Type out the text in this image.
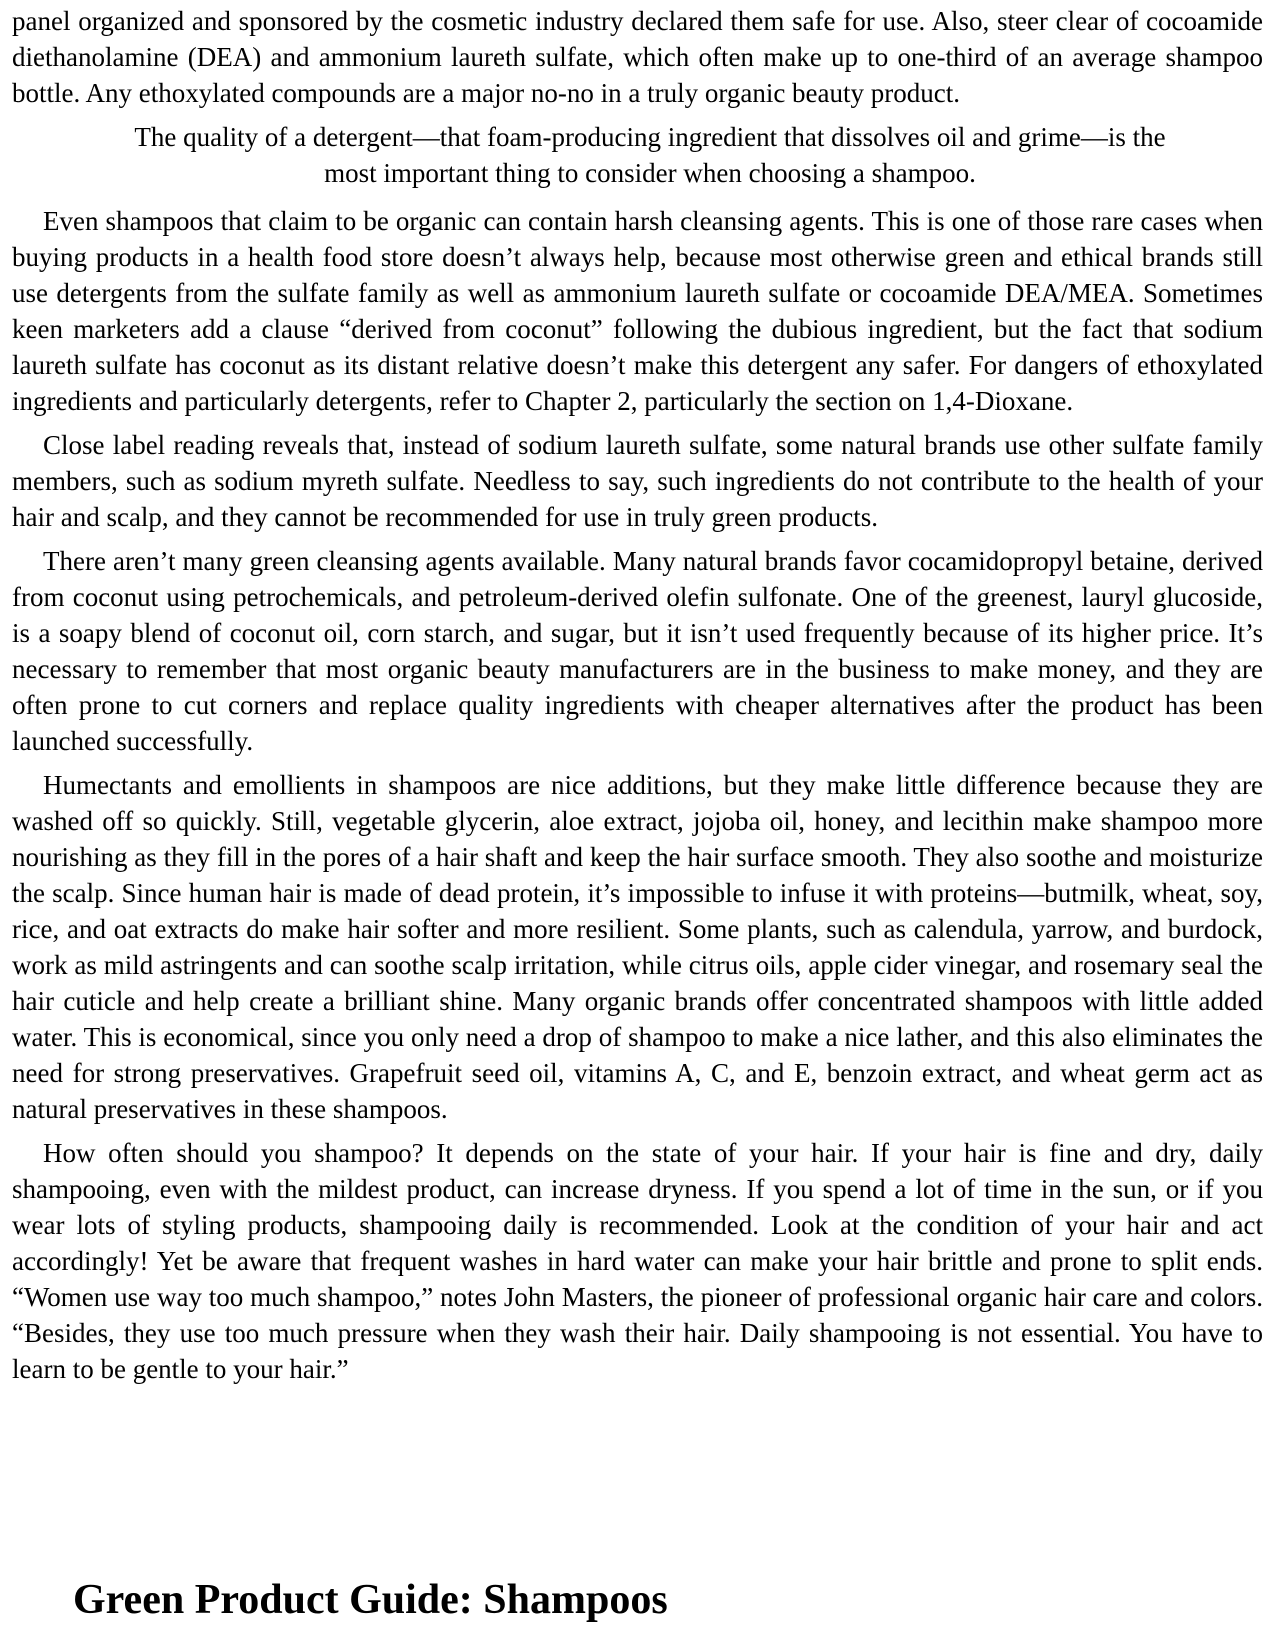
panel organized and sponsored by the cosmetic industry declared them safe for use. Also, steer clear of cocoamide diethanolamine (DEA) and ammonium laureth sulfate, which often make up to one-third of an average shampoo bottle. Any ethoxylated compounds are a major no-no in a truly organic beauty product.

The quality of a detergent—that foam-producing ingredient that dissolves oil and grime—is the most important thing to consider when choosing a shampoo.

Even shampoos that claim to be organic can contain harsh cleansing agents. This is one of those rare cases when buying products in a health food store doesn’t always help, because most otherwise green and ethical brands still use detergents from the sulfate family as well as ammonium laureth sulfate or cocoamide DEA/MEA. Sometimes keen marketers add a clause “derived from coconut” following the dubious ingredient, but the fact that sodium laureth sulfate has coconut as its distant relative doesn’t make this detergent any safer. For dangers of ethoxylated ingredients and particularly detergents, refer to Chapter 2, particularly the section on 1,4-Dioxane.

Close label reading reveals that, instead of sodium laureth sulfate, some natural brands use other sulfate family members, such as sodium myreth sulfate. Needless to say, such ingredients do not contribute to the health of your hair and scalp, and they cannot be recommended for use in truly green products.

There aren’t many green cleansing agents available. Many natural brands favor cocamidopropyl betaine, derived from coconut using petrochemicals, and petroleum-derived olefin sulfonate. One of the greenest, lauryl glucoside, is a soapy blend of coconut oil, corn starch, and sugar, but it isn’t used frequently because of its higher price. It’s necessary to remember that most organic beauty manufacturers are in the business to make money, and they are often prone to cut corners and replace quality ingredients with cheaper alternatives after the product has been launched successfully.

Humectants and emollients in shampoos are nice additions, but they make little difference because they are washed off so quickly. Still, vegetable glycerin, aloe extract, jojoba oil, honey, and lecithin make shampoo more nourishing as they fill in the pores of a hair shaft and keep the hair surface smooth. They also soothe and moisturize the scalp. Since human hair is made of dead protein, it’s impossible to infuse it with proteins—butmilk, wheat, soy, rice, and oat extracts do make hair softer and more resilient. Some plants, such as calendula, yarrow, and burdock, work as mild astringents and can soothe scalp irritation, while citrus oils, apple cider vinegar, and rosemary seal the hair cuticle and help create a brilliant shine. Many organic brands offer concentrated shampoos with little added water. This is economical, since you only need a drop of shampoo to make a nice lather, and this also eliminates the need for strong preservatives. Grapefruit seed oil, vitamins A, C, and E, benzoin extract, and wheat germ act as natural preservatives in these shampoos.

How often should you shampoo? It depends on the state of your hair. If your hair is fine and dry, daily shampooing, even with the mildest product, can increase dryness. If you spend a lot of time in the sun, or if you wear lots of styling products, shampooing daily is recommended. Look at the condition of your hair and act accordingly! Yet be aware that frequent washes in hard water can make your hair brittle and prone to split ends. “Women use way too much shampoo,” notes John Masters, the pioneer of professional organic hair care and colors. “Besides, they use too much pressure when they wash their hair. Daily shampooing is not essential. You have to learn to be gentle to your hair.”

Green Product Guide: Shampoos
